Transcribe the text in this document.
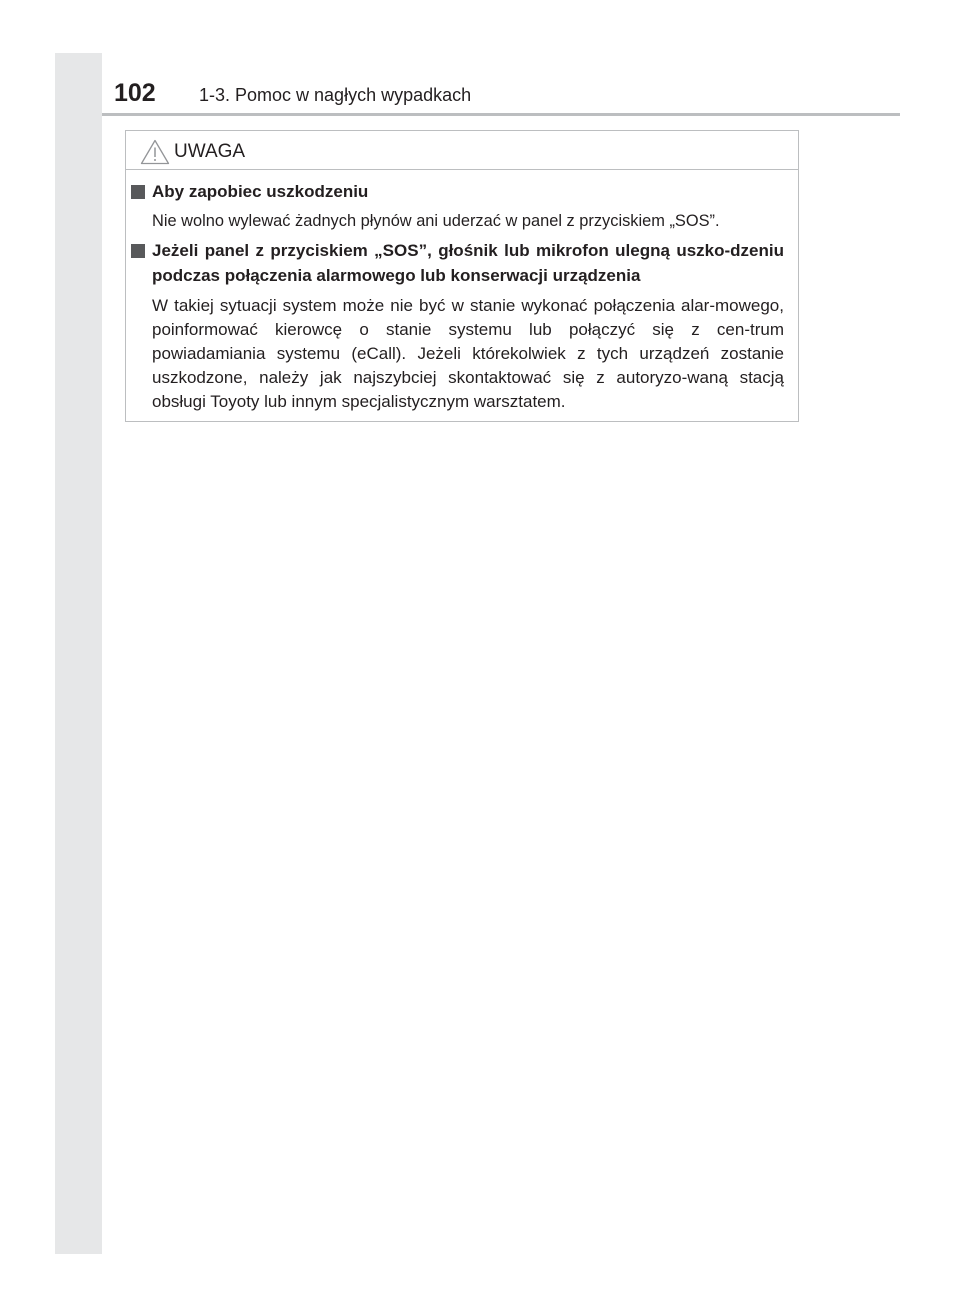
102 1-3. Pomoc w nagłych wypadkach
UWAGA
Aby zapobiec uszkodzeniu
Nie wolno wylewać żadnych płynów ani uderzać w panel z przyciskiem „SOS”.
Jeżeli panel z przyciskiem „SOS”, głośnik lub mikrofon ulegną uszko-dzeniu podczas połączenia alarmowego lub konserwacji urządzenia
W takiej sytuacji system może nie być w stanie wykonać połączenia alar-mowego, poinformować kierowcę o stanie systemu lub połączyć się z cen-trum powiadamiania systemu (eCall). Jeżeli którekolwiek z tych urządzeń zostanie uszkodzone, należy jak najszybciej skontaktować się z autoryzo-waną stacją obsługi Toyoty lub innym specjalistycznym warsztatem.
